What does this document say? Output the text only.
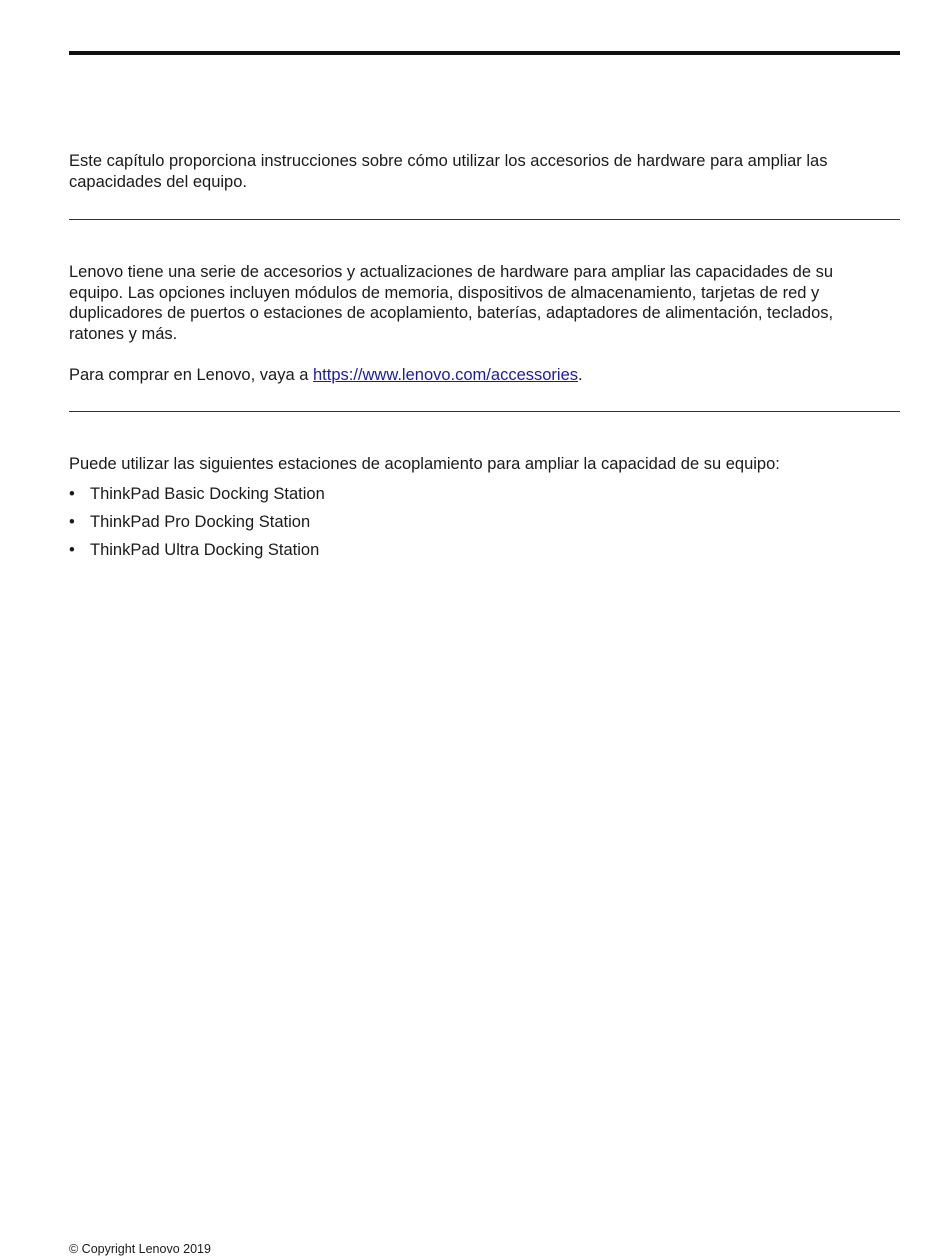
Este capítulo proporciona instrucciones sobre cómo utilizar los accesorios de hardware para ampliar las capacidades del equipo.

Lenovo tiene una serie de accesorios y actualizaciones de hardware para ampliar las capacidades de su equipo. Las opciones incluyen módulos de memoria, dispositivos de almacenamiento, tarjetas de red y duplicadores de puertos o estaciones de acoplamiento, baterías, adaptadores de alimentación, teclados, ratones y más.

Para comprar en Lenovo, vaya a https://www.lenovo.com/accessories.

Puede utilizar las siguientes estaciones de acoplamiento para ampliar la capacidad de su equipo:

• ThinkPad Basic Docking Station
• ThinkPad Pro Docking Station
• ThinkPad Ultra Docking Station
© Copyright Lenovo 2019
